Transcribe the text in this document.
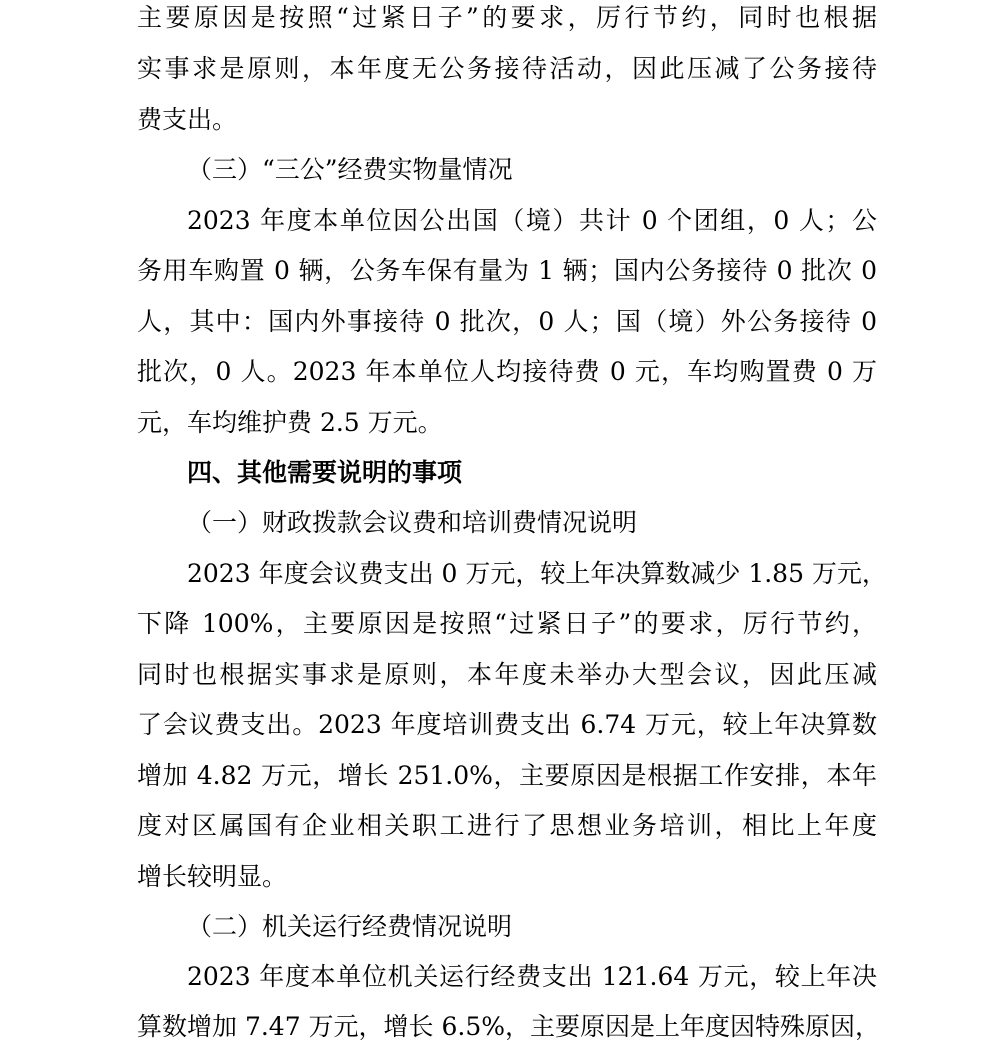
主要原因是按照“过紧日子”的要求，厉行节约，同时也根据
实事求是原则，本年度无公务接待活动，因此压减了公务接待
费支出。
（三）“三公”经费实物量情况
2023 年度本单位因公出国（境）共计 0 个团组，0 人；公
务用车购置 0 辆，公务车保有量为 1 辆；国内公务接待 0 批次 0
人，其中：国内外事接待 0 批次，0 人；国（境）外公务接待 0
批次，0 人。2023 年本单位人均接待费 0 元，车均购置费 0 万
元，车均维护费 2.5 万元。
四、其他需要说明的事项
（一）财政拨款会议费和培训费情况说明
2023 年度会议费支出 0 万元，较上年决算数减少 1.85 万元，
下降 100%，主要原因是按照“过紧日子”的要求，厉行节约，
同时也根据实事求是原则，本年度未举办大型会议，因此压减
了会议费支出。2023 年度培训费支出 6.74 万元，较上年决算数
增加 4.82 万元，增长 251.0%，主要原因是根据工作安排，本年
度对区属国有企业相关职工进行了思想业务培训，相比上年度
增长较明显。
（二）机关运行经费情况说明
2023 年度本单位机关运行经费支出 121.64 万元，较上年决
算数增加 7.47 万元，增长 6.5%，主要原因是上年度因特殊原因，
